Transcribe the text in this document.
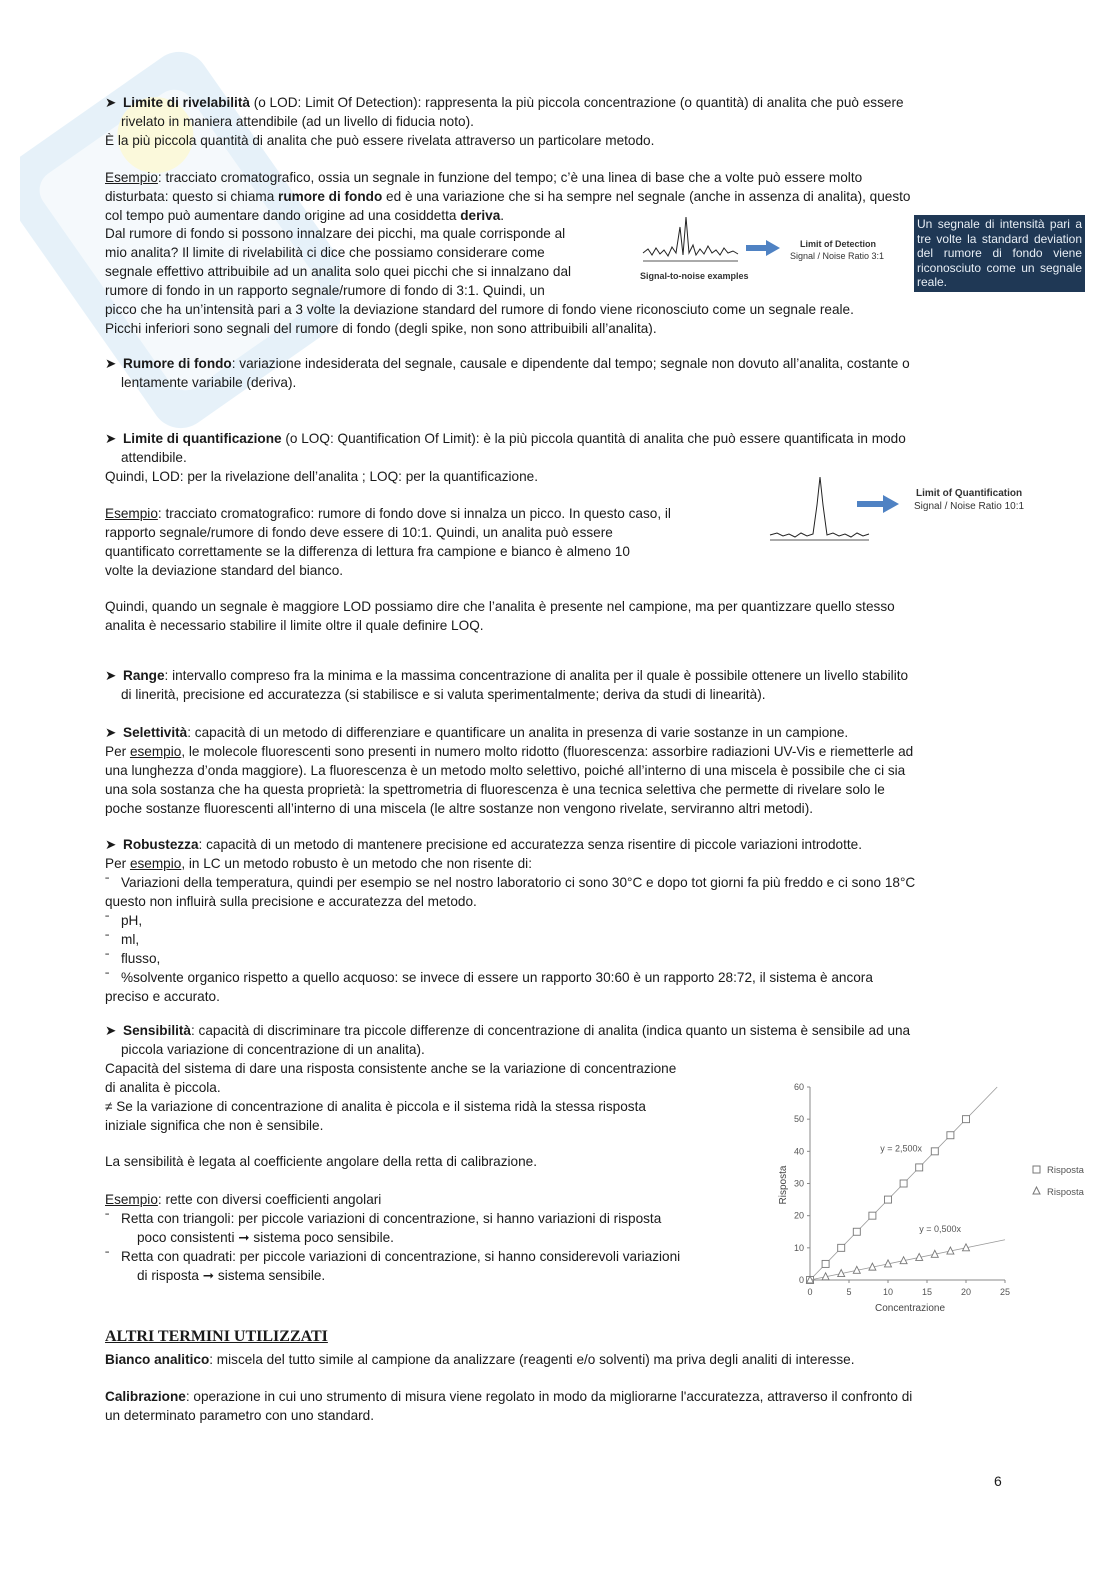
➤ Limite di rivelabilità (o LOD: Limit Of Detection): rappresenta la più piccola concentrazione (o quantità) di analita che può essere
rivelato in maniera attendibile (ad un livello di fiducia noto).
È la più piccola quantità di analita che può essere rivelata attraverso un particolare metodo.
Esempio: tracciato cromatografico, ossia un segnale in funzione del tempo; c’è una linea di base che a volte può essere molto
disturbata: questo si chiama rumore di fondo ed è una variazione che si ha sempre nel segnale (anche in assenza di analita), questo
col tempo può aumentare dando origine ad una cosiddetta deriva.
Dal rumore di fondo si possono innalzare dei picchi, ma quale corrisponde al
mio analita? Il limite di rivelabilità ci dice che possiamo considerare come
segnale effettivo attribuibile ad un analita solo quei picchi che si innalzano dal
rumore di fondo in un rapporto segnale/rumore di fondo di 3:1. Quindi, un
picco che ha un’intensità pari a 3 volte la deviazione standard del rumore di fondo viene riconosciuto come un segnale reale.
Picchi inferiori sono segnali del rumore di fondo (degli spike, non sono attribuibili all’analita).
Signal-to-noise examples
Limit of Detection
Signal / Noise Ratio 3:1
Un segnale di intensità pari a tre volte la standard deviation del rumore di fondo viene riconosciuto come un segnale reale.
➤ Rumore di fondo: variazione indesiderata del segnale, causale e dipendente dal tempo; segnale non dovuto all’analita, costante o
lentamente variabile (deriva).
➤ Limite di quantificazione (o LOQ: Quantification Of Limit): è la più piccola quantità di analita che può essere quantificata in modo
attendibile.
Quindi, LOD: per la rivelazione dell’analita ; LOQ: per la quantificazione.
Esempio: tracciato cromatografico: rumore di fondo dove si innalza un picco. In questo caso, il
rapporto segnale/rumore di fondo deve essere di 10:1. Quindi, un analita può essere
quantificato correttamente se la differenza di lettura fra campione e bianco è almeno 10
volte la deviazione standard del bianco.
Limit of Quantification
Signal / Noise Ratio 10:1
Quindi, quando un segnale è maggiore LOD possiamo dire che l’analita è presente nel campione, ma per quantizzare quello stesso
analita è necessario stabilire il limite oltre il quale definire LOQ.
➤ Range: intervallo compreso fra la minima e la massima concentrazione di analita per il quale è possibile ottenere un livello stabilito
di linerità, precisione ed accuratezza (si stabilisce e si valuta sperimentalmente; deriva da studi di linearità).
➤ Selettività: capacità di un metodo di differenziare e quantificare un analita in presenza di varie sostanze in un campione.
Per esempio, le molecole fluorescenti sono presenti in numero molto ridotto (fluorescenza: assorbire radiazioni UV-Vis e riemetterle ad
una lunghezza d’onda maggiore). La fluorescenza è un metodo molto selettivo, poiché all’interno di una miscela è possibile che ci sia
una sola sostanza che ha questa proprietà: la spettrometria di fluorescenza è una tecnica selettiva che permette di rivelare solo le
poche sostanze fluorescenti all’interno di una miscela (le altre sostanze non vengono rivelate, serviranno altri metodi).
➤ Robustezza: capacità di un metodo di mantenere precisione ed accuratezza senza risentire di piccole variazioni introdotte.
Per esempio, in LC un metodo robusto è un metodo che non risente di:
ˉ Variazioni della temperatura, quindi per esempio se nel nostro laboratorio ci sono 30°C e dopo tot giorni fa più freddo e ci sono 18°C
questo non influirà sulla precisione e accuratezza del metodo.
ˉ pH,
ˉ ml,
ˉ flusso,
ˉ %solvente organico rispetto a quello acquoso: se invece di essere un rapporto 30:60 è un rapporto 28:72, il sistema è ancora
preciso e accurato.
➤ Sensibilità: capacità di discriminare tra piccole differenze di concentrazione di analita (indica quanto un sistema è sensibile ad una
piccola variazione di concentrazione di un analita).
Capacità del sistema di dare una risposta consistente anche se la variazione di concentrazione
di analita è piccola.
≠ Se la variazione di concentrazione di analita è piccola e il sistema ridà la stessa risposta
iniziale significa che non è sensibile.
La sensibilità è legata al coefficiente angolare della retta di calibrazione.
Esempio: rette con diversi coefficienti angolari
ˉ Retta con triangoli: per piccole variazioni di concentrazione, si hanno variazioni di risposta
poco consistenti ➞ sistema poco sensibile.
ˉ Retta con quadrati: per piccole variazioni di concentrazione, si hanno considerevoli variazioni
di risposta ➞ sistema sensibile.
0	5	10	15	20	25
0
10
20
30
40
50
60
y = 2,500x
Risposta
y = 0,500x
Risposta
Concentrazione
Risposta
ALTRI TERMINI UTILIZZATI
Bianco analitico: miscela del tutto simile al campione da analizzare (reagenti e/o solventi) ma priva degli analiti di interesse.
Calibrazione: operazione in cui uno strumento di misura viene regolato in modo da migliorarne l'accuratezza, attraverso il confronto di
un determinato parametro con uno standard.
6
